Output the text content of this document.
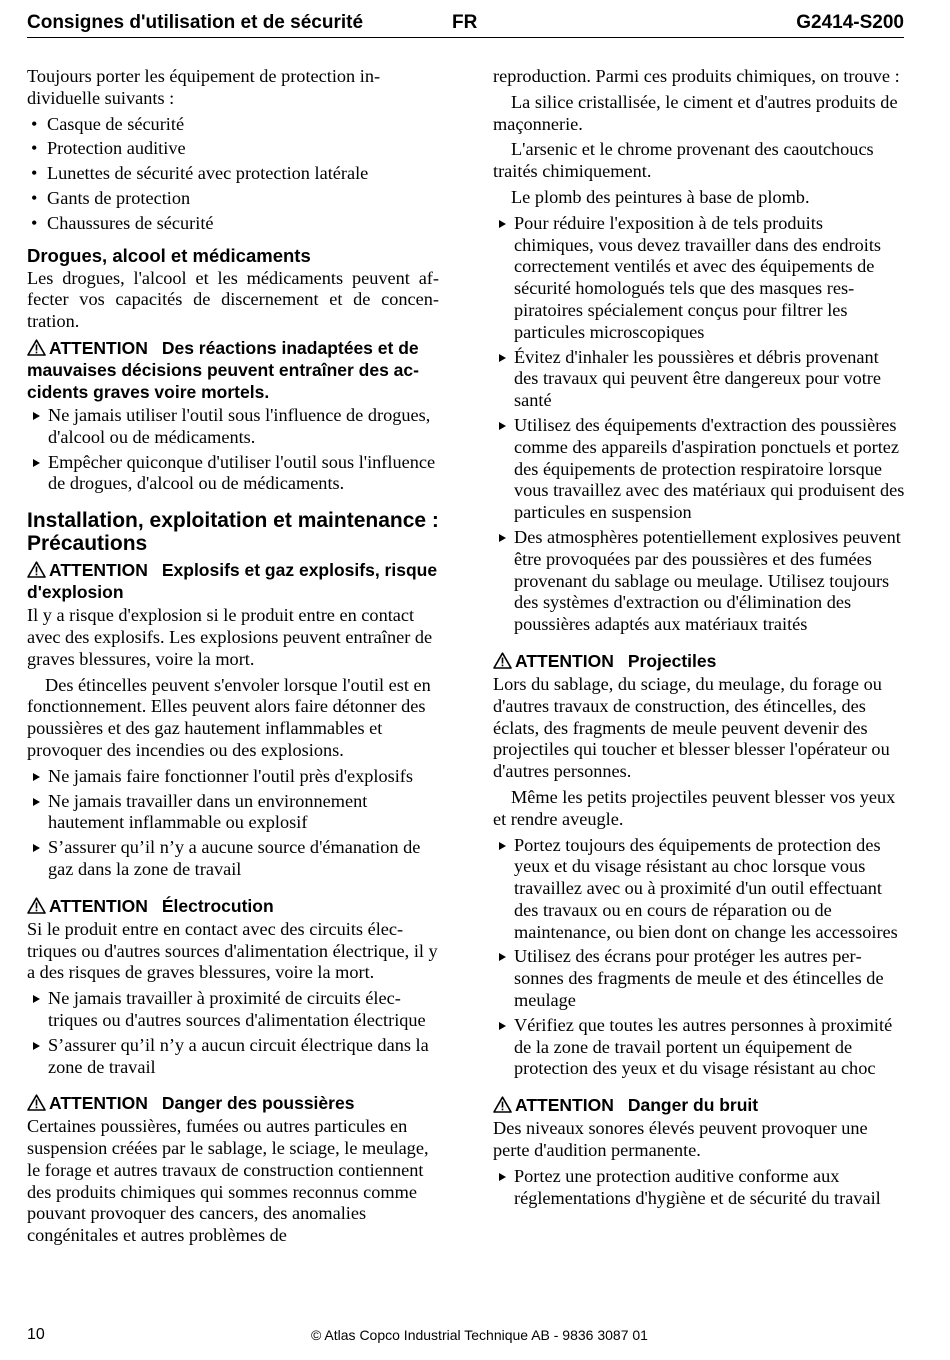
Consignes d'utilisation et de sécurité	FR	G2414-S200

Toujours porter les équipement de protection individuelle suivants :

• Casque de sécurité
• Protection auditive
• Lunettes de sécurité avec protection latérale
• Gants de protection
• Chaussures de sécurité
Drogues, alcool et médicaments

Les drogues, l'alcool et les médicaments peuvent affecter vos capacités de discernement et de concentration.

ATTENTION Des réactions inadaptées et de mauvaises décisions peuvent entraîner des accidents graves voire mortels.
Ne jamais utiliser l'outil sous l'influence de drogues, d'alcool ou de médicaments.
Empêcher quiconque d'utiliser l'outil sous l'influence de drogues, d'alcool ou de médicaments.
Installation, exploitation et maintenance : Précautions
ATTENTION Explosifs et gaz explosifs, risque d'explosion

Il y a risque d'explosion si le produit entre en contact avec des explosifs. Les explosions peuvent entraîner de graves blessures, voire la mort.

Des étincelles peuvent s'envoler lorsque l'outil est en fonctionnement. Elles peuvent alors faire détonner des poussières et des gaz hautement inflammables et provoquer des incendies ou des explosions.

Ne jamais faire fonctionner l'outil près d'explosifs
Ne jamais travailler dans un environnement hautement inflammable ou explosif
S’assurer qu’il n’y a aucune source d'émanation de gaz dans la zone de travail
ATTENTION Électrocution

Si le produit entre en contact avec des circuits électriques ou d'autres sources d'alimentation électrique, il y a des risques de graves blessures, voire la mort.

Ne jamais travailler à proximité de circuits électriques ou d'autres sources d'alimentation électrique
S’assurer qu’il n’y a aucun circuit électrique dans la zone de travail
ATTENTION Danger des poussières

Certaines poussières, fumées ou autres particules en suspension créées par le sablage, le sciage, le meulage, le forage et autres travaux de construction contiennent des produits chimiques qui sommes reconnus comme pouvant provoquer des cancers, des anomalies congénitales et autres problèmes de

reproduction. Parmi ces produits chimiques, on trouve :

La silice cristallisée, le ciment et d'autres produits de maçonnerie.

L'arsenic et le chrome provenant des caoutchoucs traités chimiquement.

Le plomb des peintures à base de plomb.

Pour réduire l'exposition à de tels produits chimiques, vous devez travailler dans des endroits correctement ventilés et avec des équipements de sécurité homologués tels que des masques respiratoires spécialement conçus pour filtrer les particules microscopiques
Évitez d'inhaler les poussières et débris provenant des travaux qui peuvent être dangereux pour votre santé
Utilisez des équipements d'extraction des poussières comme des appareils d'aspiration ponctuels et portez des équipements de protection respiratoire lorsque vous travaillez avec des matériaux qui produisent des particules en suspension
Des atmosphères potentiellement explosives peuvent être provoquées par des poussières et des fumées provenant du sablage ou meulage. Utilisez toujours des systèmes d'extraction ou d'élimination des poussières adaptés aux matériaux traités
ATTENTION Projectiles

Lors du sablage, du sciage, du meulage, du forage ou d'autres travaux de construction, des étincelles, des éclats, des fragments de meule peuvent devenir des projectiles qui toucher et blesser blesser l'opérateur ou d'autres personnes.

Même les petits projectiles peuvent blesser vos yeux et rendre aveugle.

Portez toujours des équipements de protection des yeux et du visage résistant au choc lorsque vous travaillez avec ou à proximité d'un outil effectuant des travaux ou en cours de réparation ou de maintenance, ou bien dont on change les accessoires
Utilisez des écrans pour protéger les autres personnes des fragments de meule et des étincelles de meulage
Vérifiez que toutes les autres personnes à proximité de la zone de travail portent un équipement de protection des yeux et du visage résistant au choc
ATTENTION Danger du bruit

Des niveaux sonores élevés peuvent provoquer une perte d'audition permanente.

Portez une protection auditive conforme aux réglementations d'hygiène et de sécurité du travail
10	© Atlas Copco Industrial Technique AB - 9836 3087 01
